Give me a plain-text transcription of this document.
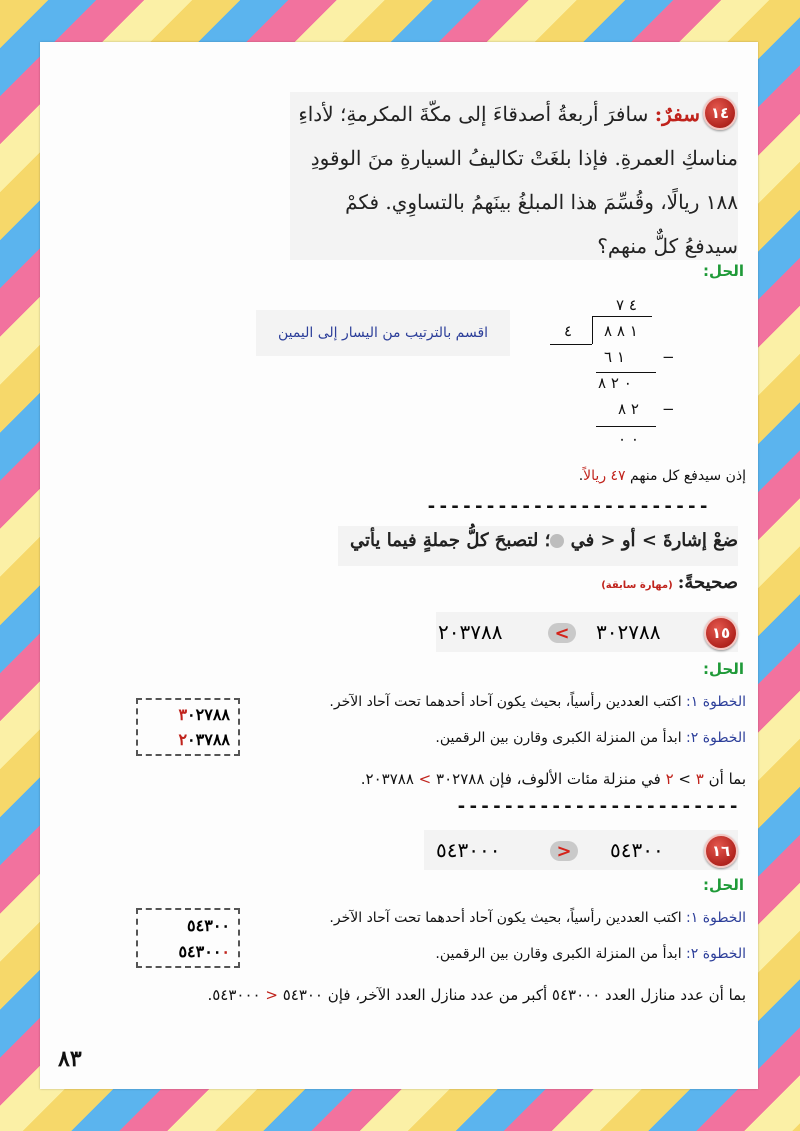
١٤
سفرٌ: سافرَ أربعةُ أصدقاءَ إلى مكّةَ المكرمةِ؛ لأداءِ
مناسكِ العمرةِ. فإذا بلغَتْ تكاليفُ السيارةِ منَ الوقودِ
١٨٨ ريالًا، وقُسِّمَ هذا المبلغُ بينَهمُ بالتساوِي. فكمْ
سيدفعُ كلٌّ منهم؟
الحل:
اقسم بالترتيب من اليسار إلى اليمين
٤ ٧
٤ ١ ٨ ٨
١ ٦ −
٠ ٢ ٨
٢ ٨ −
٠ ٠
إذن سيدفع كل منهم ٤٧ ريالاً.
------------------------
ضعْ إشارةَ > أو < في ؛ لتصبحَ كلُّ جملةٍ فيما يأتي
صحيحةً: (مهارة سابقة)
١٥
٢٠٣٧٨٨	< ٣٠٢٧٨٨
الحل:
الخطوة ١: اكتب العددين رأسياً، بحيث يكون آحاد أحدهما تحت آحاد الآخر.
الخطوة ٢: ابدأ من المنزلة الكبرى وقارن بين الرقمين.
٣٠٢٧٨٨
٢٠٣٧٨٨
بما أن ٣ > ٢ في منزلة مئات الألوف، فإن ٣٠٢٧٨٨ > ٢٠٣٧٨٨.
------------------------
١٦
٥٤٣٠٠٠	> ٥٤٣٠٠
الحل:
الخطوة ١: اكتب العددين رأسياً، بحيث يكون آحاد أحدهما تحت آحاد الآخر.
الخطوة ٢: ابدأ من المنزلة الكبرى وقارن بين الرقمين.
٥٤٣٠٠
٥٤٣٠٠٠
بما أن عدد منازل العدد ٥٤٣٠٠٠ أكبر من عدد منازل العدد الآخر، فإن ٥٤٣٠٠ < ٥٤٣٠٠٠.
٨٣
